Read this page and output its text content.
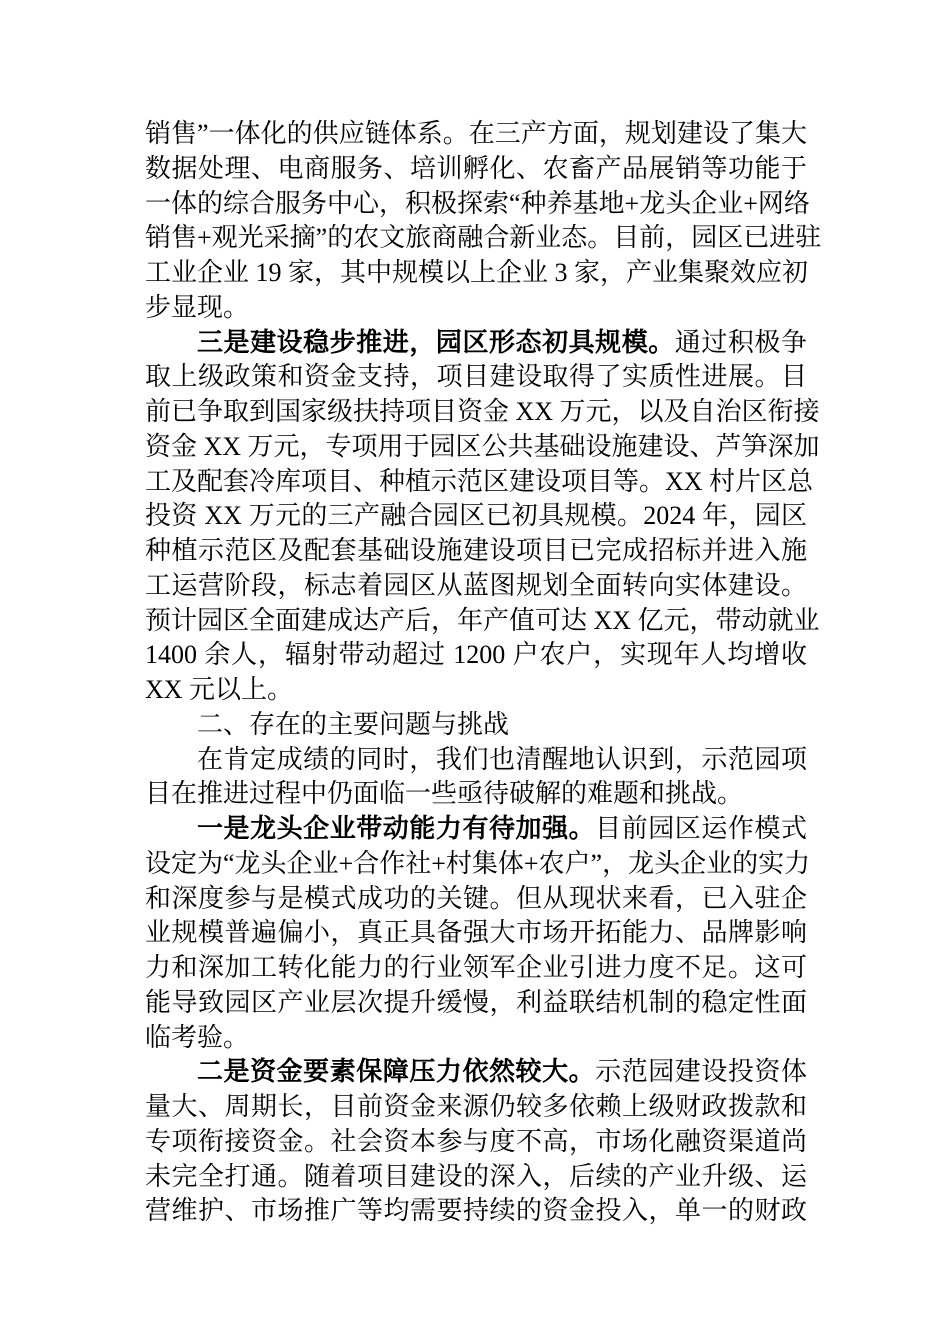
销售”一体化的供应链体系。在三产方面，规划建设了集大
数据处理、电商服务、培训孵化、农畜产品展销等功能于
一体的综合服务中心，积极探索“种养基地+龙头企业+网络
销售+观光采摘”的农文旅商融合新业态。目前，园区已进驻
工业企业 19 家，其中规模以上企业 3 家，产业集聚效应初
步显现。
三是建设稳步推进，园区形态初具规模。通过积极争
取上级政策和资金支持，项目建设取得了实质性进展。目
前已争取到国家级扶持项目资金 XX 万元，以及自治区衔接
资金 XX 万元，专项用于园区公共基础设施建设、芦笋深加
工及配套冷库项目、种植示范区建设项目等。XX 村片区总
投资 XX 万元的三产融合园区已初具规模。2024 年，园区
种植示范区及配套基础设施建设项目已完成招标并进入施
工运营阶段，标志着园区从蓝图规划全面转向实体建设。
预计园区全面建成达产后，年产值可达 XX 亿元，带动就业
1400 余人，辐射带动超过 1200 户农户，实现年人均增收
XX 元以上。
二、存在的主要问题与挑战
在肯定成绩的同时，我们也清醒地认识到，示范园项
目在推进过程中仍面临一些亟待破解的难题和挑战。
一是龙头企业带动能力有待加强。目前园区运作模式
设定为“龙头企业+合作社+村集体+农户”，龙头企业的实力
和深度参与是模式成功的关键。但从现状来看，已入驻企
业规模普遍偏小，真正具备强大市场开拓能力、品牌影响
力和深加工转化能力的行业领军企业引进力度不足。这可
能导致园区产业层次提升缓慢，利益联结机制的稳定性面
临考验。
二是资金要素保障压力依然较大。示范园建设投资体
量大、周期长，目前资金来源仍较多依赖上级财政拨款和
专项衔接资金。社会资本参与度不高，市场化融资渠道尚
未完全打通。随着项目建设的深入，后续的产业升级、运
营维护、市场推广等均需要持续的资金投入，单一的财政
